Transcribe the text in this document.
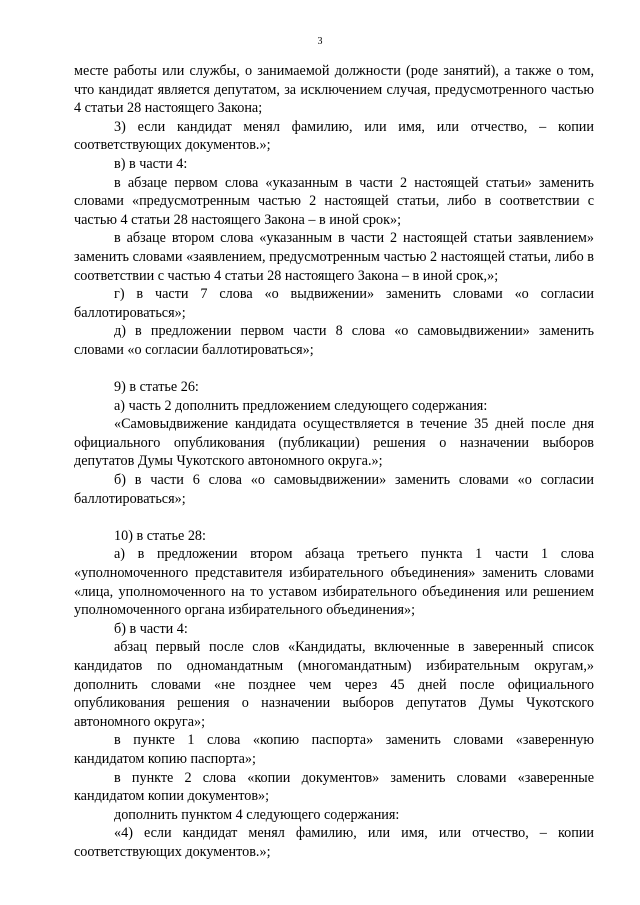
3

месте работы или службы, о занимаемой должности (роде занятий), а также о том, что кандидат является депутатом, за исключением случая, предусмотренного частью 4 статьи 28 настоящего Закона;

3) если кандидат менял фамилию, или имя, или отчество, – копии соответствующих документов.»;

в) в части 4:

в абзаце первом слова «указанным в части 2 настоящей статьи» заменить словами «предусмотренным частью 2 настоящей статьи, либо в соответствии с частью 4 статьи 28 настоящего Закона – в иной срок»;

в абзаце втором слова «указанным в части 2 настоящей статьи заявлением» заменить словами «заявлением, предусмотренным частью 2 настоящей статьи, либо в соответствии с частью 4 статьи 28 настоящего Закона – в иной срок,»;

г) в части 7 слова «о выдвижении» заменить словами «о согласии баллотироваться»;

д) в предложении первом части 8 слова «о самовыдвижении» заменить словами «о согласии баллотироваться»;

9) в статье 26:

а) часть 2 дополнить предложением следующего содержания:

«Самовыдвижение кандидата осуществляется в течение 35 дней после дня официального опубликования (публикации) решения о назначении выборов депутатов Думы Чукотского автономного округа.»;

б) в части 6 слова «о самовыдвижении» заменить словами «о согласии баллотироваться»;

10) в статье 28:

а) в предложении втором абзаца третьего пункта 1 части 1 слова «уполномоченного представителя избирательного объединения» заменить словами «лица, уполномоченного на то уставом избирательного объединения или решением уполномоченного органа избирательного объединения»;

б) в части 4:

абзац первый после слов «Кандидаты, включенные в заверенный список кандидатов по одномандатным (многомандатным) избирательным округам,» дополнить словами «не позднее чем через 45 дней после официального опубликования решения о назначении выборов депутатов Думы Чукотского автономного округа»;

в пункте 1 слова «копию паспорта» заменить словами «заверенную кандидатом копию паспорта»;

в пункте 2 слова «копии документов» заменить словами «заверенные кандидатом копии документов»;

дополнить пунктом 4 следующего содержания:

«4) если кандидат менял фамилию, или имя, или отчество, – копии соответствующих документов.»;
